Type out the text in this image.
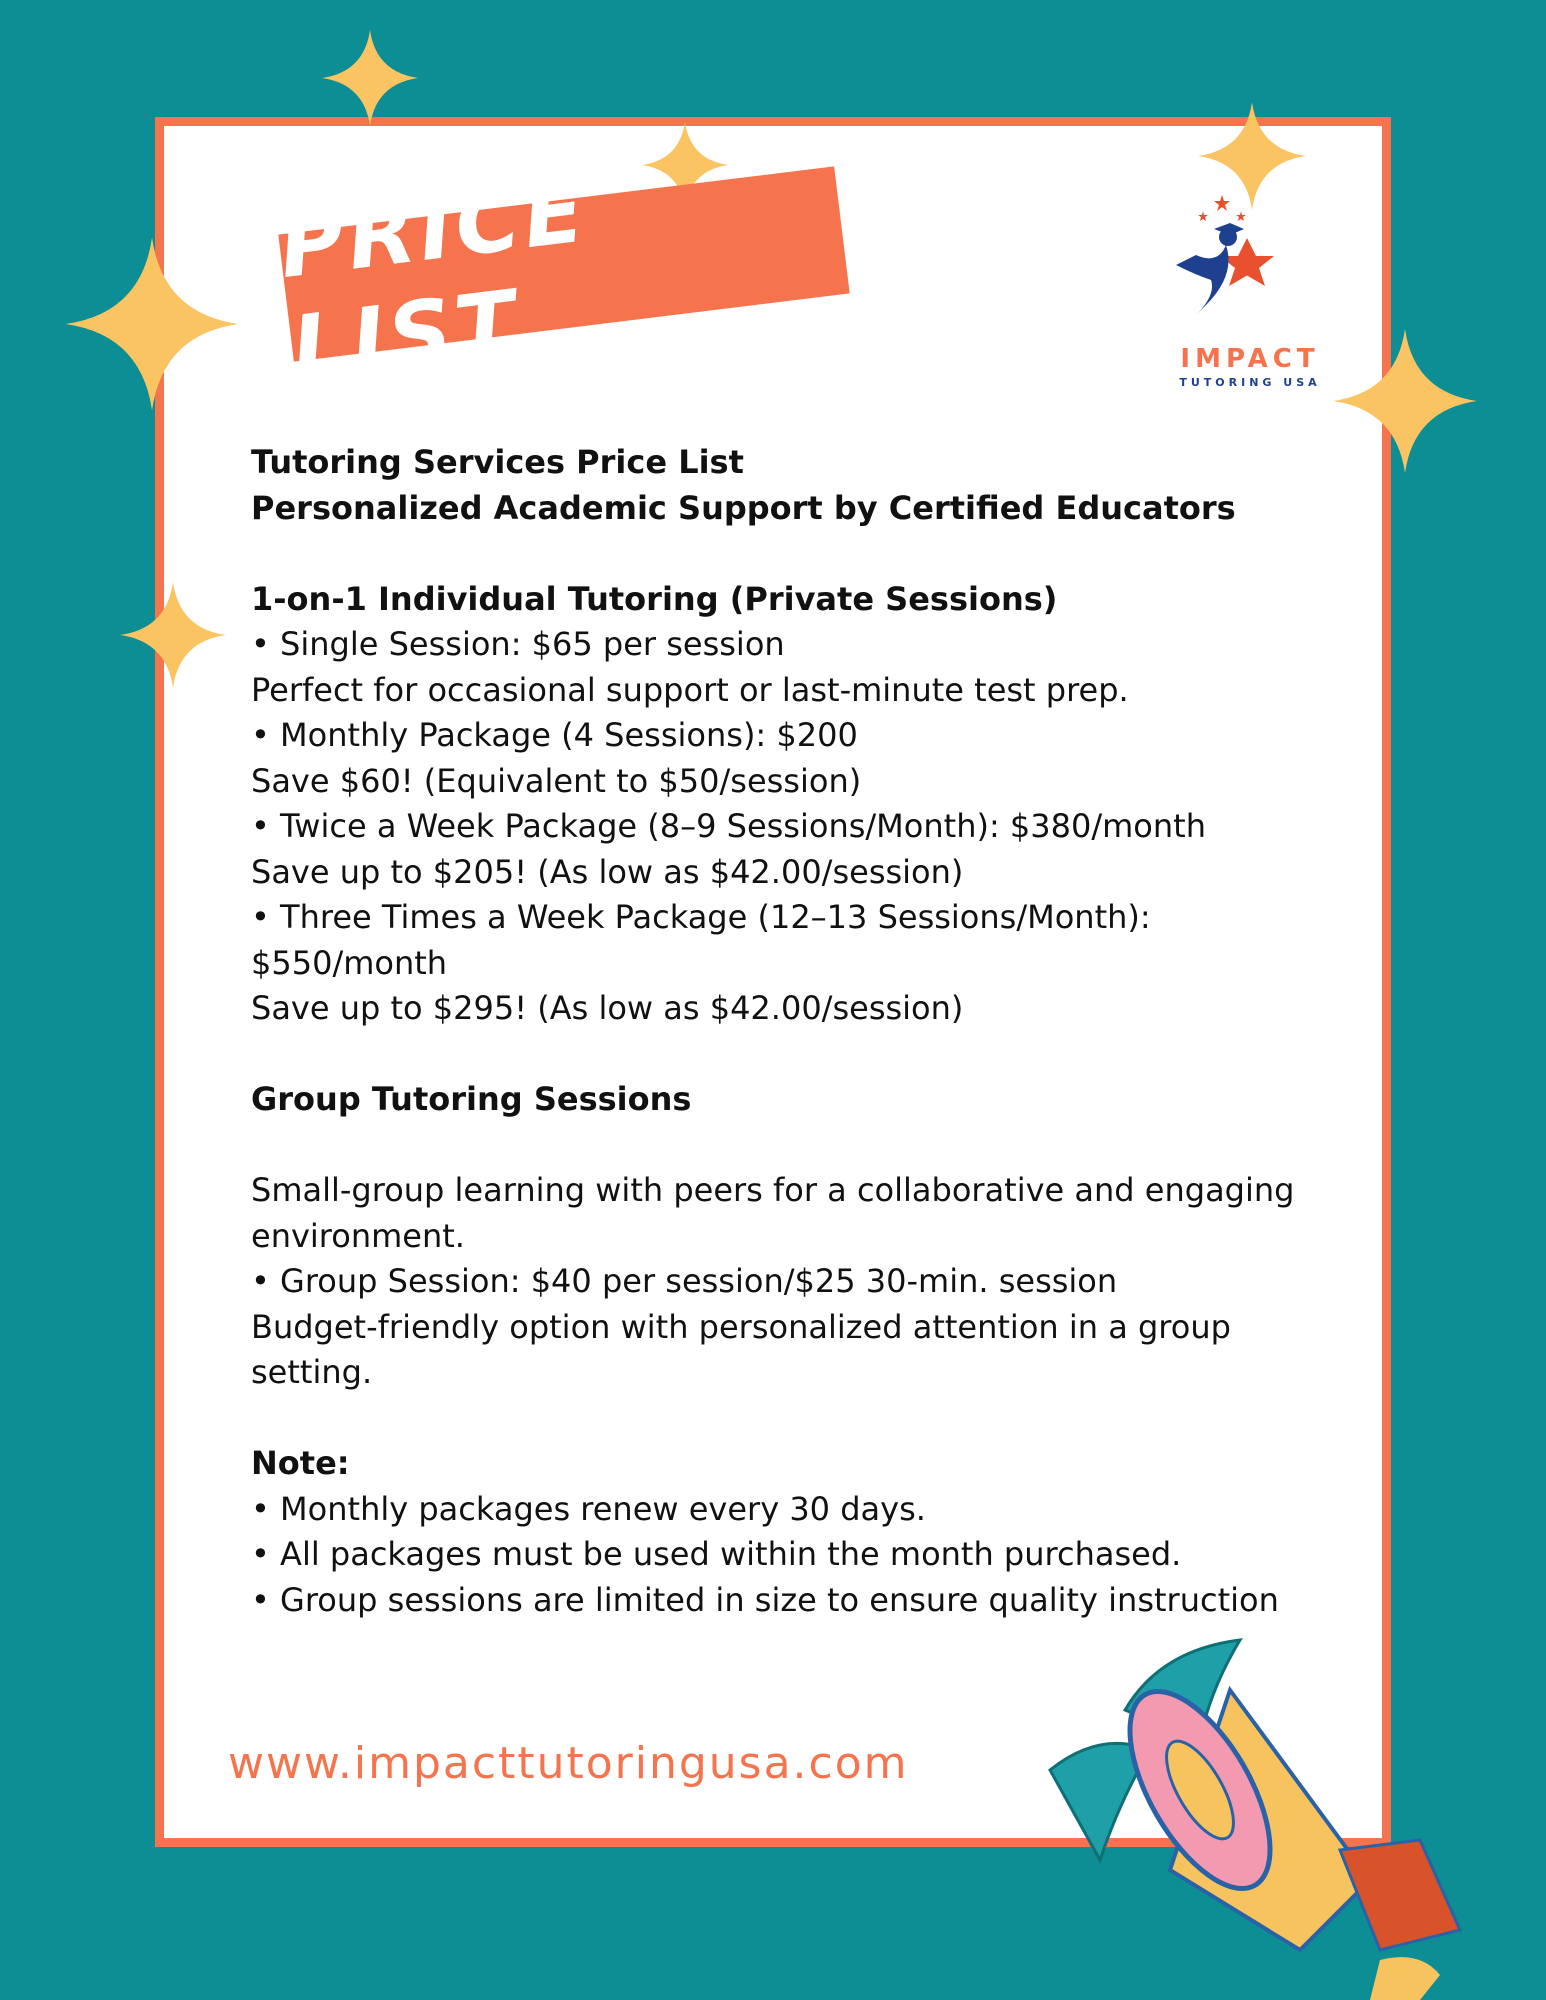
PRICE LIST	IMPACT
TUTORING USA
Tutoring Services Price List
Personalized Academic Support by Certified Educators
1-on-1 Individual Tutoring (Private Sessions)
• Single Session: $65 per session
Perfect for occasional support or last-minute test prep.
• Monthly Package (4 Sessions): $200
Save $60! (Equivalent to $50/session)
• Twice a Week Package (8–9 Sessions/Month): $380/month
Save up to $205! (As low as $42.00/session)
• Three Times a Week Package (12–13 Sessions/Month):
$550/month
Save up to $295! (As low as $42.00/session)
Group Tutoring Sessions
Small-group learning with peers for a collaborative and engaging
environment.
• Group Session: $40 per session/$25 30-min. session
Budget-friendly option with personalized attention in a group
setting.
Note:
• Monthly packages renew every 30 days.
• All packages must be used within the month purchased.
• Group sessions are limited in size to ensure quality instruction
www.impacttutoringusa.com
